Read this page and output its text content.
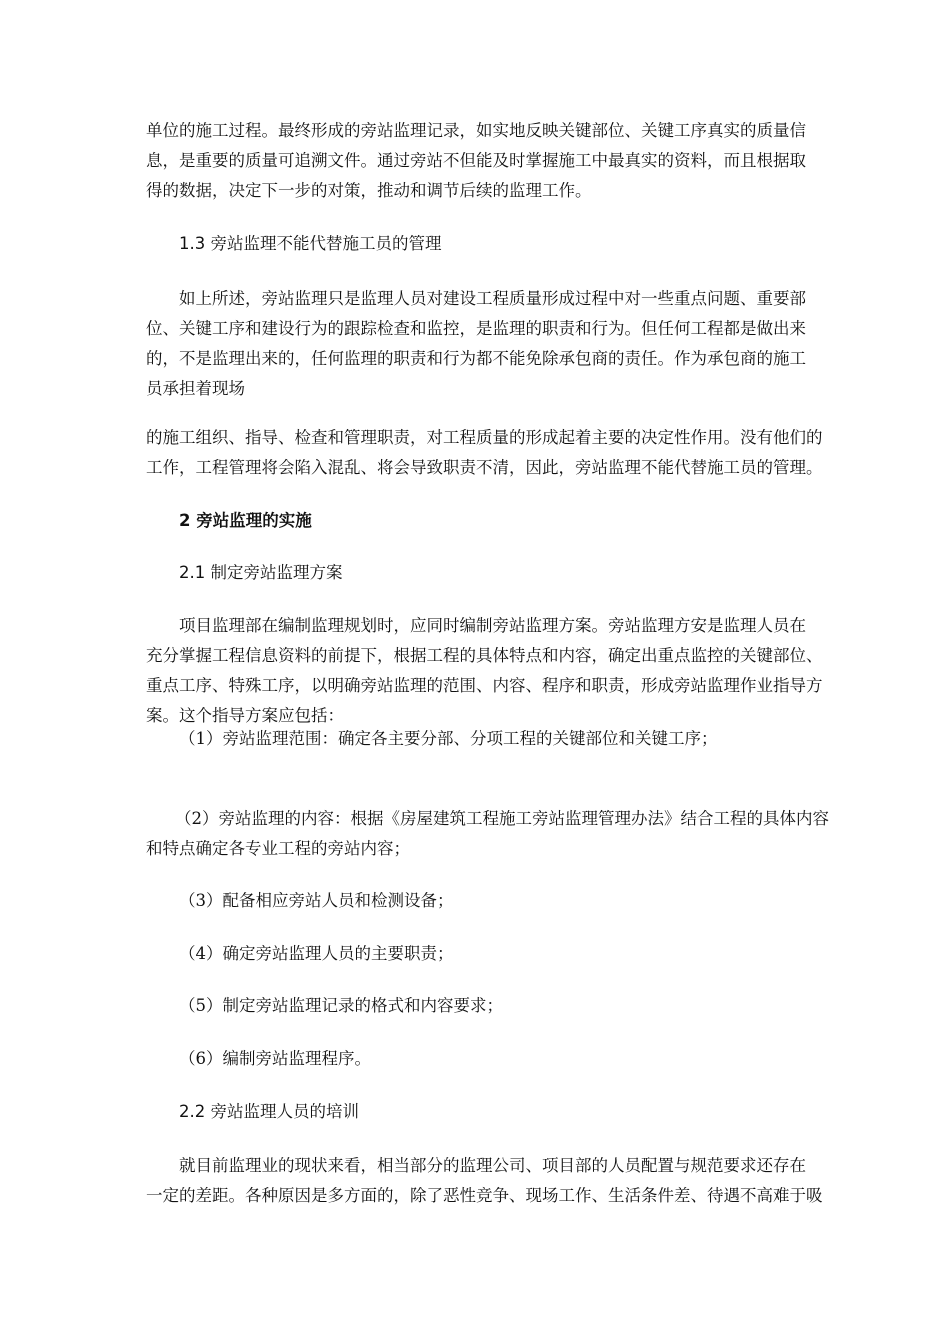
单位的施工过程。最终形成的旁站监理记录，如实地反映关键部位、关键工序真实的质量信
息，是重要的质量可追溯文件。通过旁站不但能及时掌握施工中最真实的资料，而且根据取
得的数据，决定下一步的对策，推动和调节后续的监理工作。
1.3 旁站监理不能代替施工员的管理
如上所述，旁站监理只是监理人员对建设工程质量形成过程中对一些重点问题、重要部
位、关键工序和建设行为的跟踪检查和监控，是监理的职责和行为。但任何工程都是做出来
的，不是监理出来的，任何监理的职责和行为都不能免除承包商的责任。作为承包商的施工
员承担着现场
的施工组织、指导、检查和管理职责，对工程质量的形成起着主要的决定性作用。没有他们的
工作，工程管理将会陷入混乱、将会导致职责不清，因此，旁站监理不能代替施工员的管理。
2 旁站监理的实施
2.1 制定旁站监理方案
项目监理部在编制监理规划时，应同时编制旁站监理方案。旁站监理方安是监理人员在
充分掌握工程信息资料的前提下，根据工程的具体特点和内容，确定出重点监控的关键部位、
重点工序、特殊工序，以明确旁站监理的范围、内容、程序和职责，形成旁站监理作业指导方
案。这个指导方案应包括：
（1）旁站监理范围：确定各主要分部、分项工程的关键部位和关键工序；
（2）旁站监理的内容：根据《房屋建筑工程施工旁站监理管理办法》结合工程的具体内容
和特点确定各专业工程的旁站内容；
（3）配备相应旁站人员和检测设备；
（4）确定旁站监理人员的主要职责；
（5）制定旁站监理记录的格式和内容要求；
（6）编制旁站监理程序。
2.2 旁站监理人员的培训
就目前监理业的现状来看，相当部分的监理公司、项目部的人员配置与规范要求还存在
一定的差距。各种原因是多方面的，除了恶性竞争、现场工作、生活条件差、待遇不高难于吸
